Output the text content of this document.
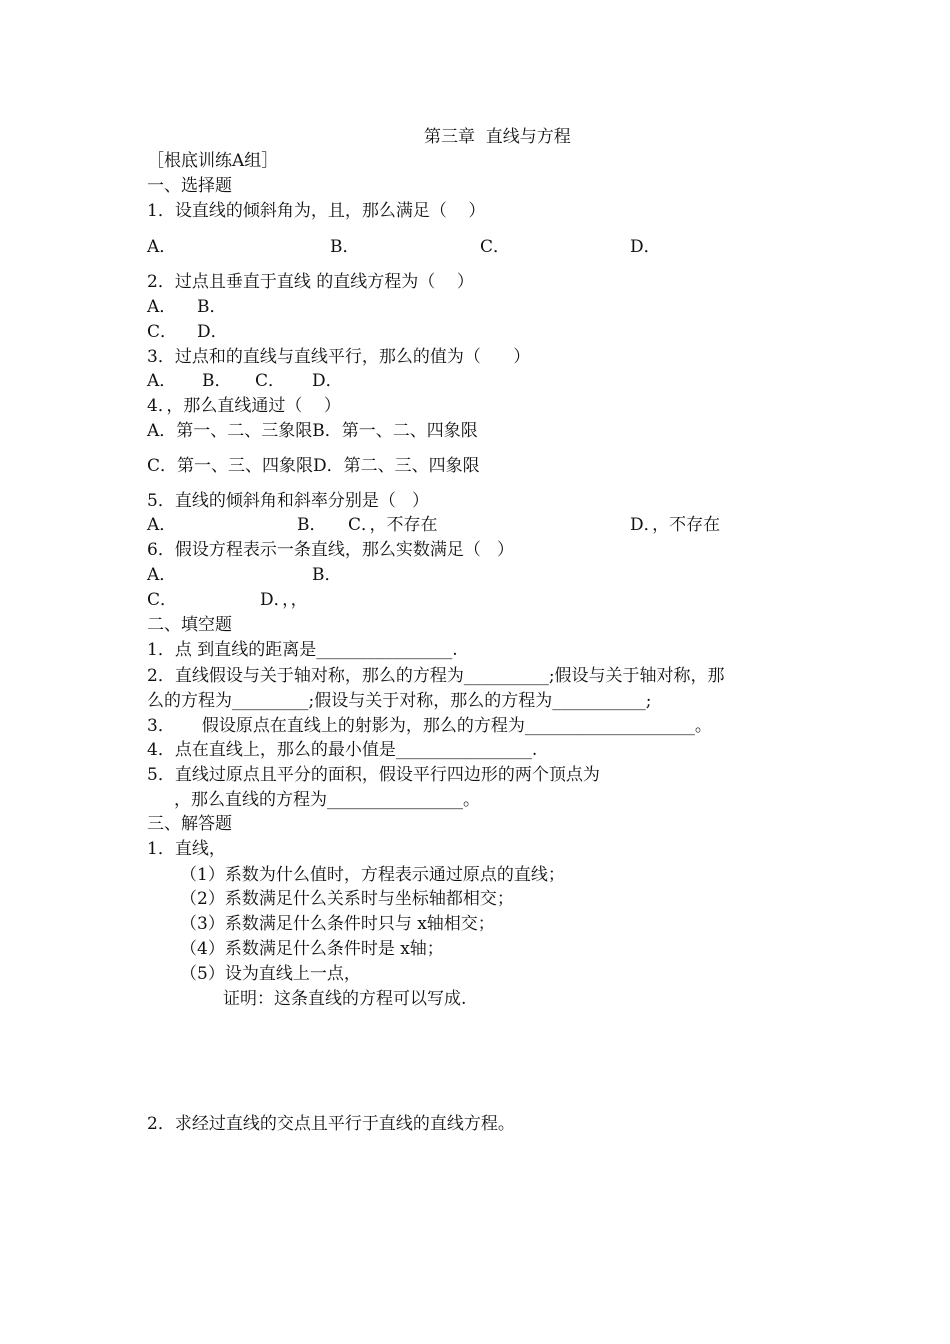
第三章  直线与方程
［根底训练A组］
一、选择题
1．设直线的倾斜角为，且，那么满足（    ）
A．	B．	C．	D．
2．过点且垂直于直线 的直线方程为（    ）
A． B．
C． D．
3．过点和的直线与直线平行，那么的值为（      ）
A． B． C． D．
4．，那么直线通过（    ）
A．第一、二、三象限B．第一、二、四象限
C．第一、三、四象限D．第二、三、四象限
5．直线的倾斜角和斜率分别是（   ）
A．	B． C．，不存在	D．，不存在
6．假设方程表示一条直线，那么实数满足（   ）
A．	B．
C．	D．，，
二、填空题
1．点 到直线的距离是________________.
2．直线假设与关于轴对称，那么的方程为__________;假设与关于轴对称，那
么的方程为_________;假设与关于对称，那么的方程为___________;
3．     假设原点在直线上的射影为，那么的方程为____________________。
4．点在直线上，那么的最小值是________________.
5．直线过原点且平分的面积，假设平行四边形的两个顶点为
，那么直线的方程为________________。
三、解答题
1．直线，
（1）系数为什么值时，方程表示通过原点的直线；
（2）系数满足什么关系时与坐标轴都相交；
（3）系数满足什么条件时只与 x轴相交；
（4）系数满足什么条件时是 x轴；
（5）设为直线上一点，
证明：这条直线的方程可以写成.
2．求经过直线的交点且平行于直线的直线方程。
